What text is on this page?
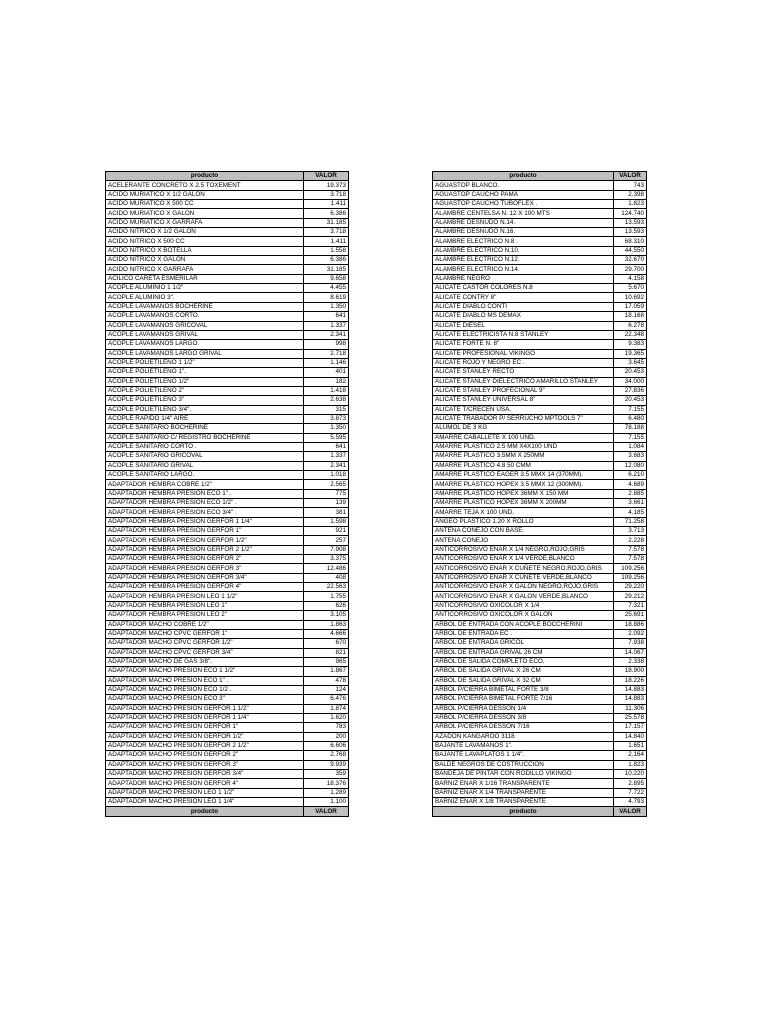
producto	VALOR
ACELERANTE CONCRETO X 2.5 TOXEMENT	19.373
ACIDO MURIATICO X 1/2 GALON	3.718
ACIDO MURIATICO X 500 CC	1.411
ACIDO MURIATICO X GALON	6.386
ACIDO MURIATICO X GARRAFA	31.185
ACIDO NITRICO X 1/2 GALON	3.718
ACIDO NITRICO X 500 CC	1.411
ACIDO NITRICO X BOTELLA	1.558
ACIDO NITRICO X GALON	6.386
ACIDO NITRICO X GARRAFA	31.185
ACILICO CARETA ESMERILAR	9.658
ACOPLE ALUMINIO 1 1/2"	4.455
ACOPLE ALUMINIO 3".	8.619
ACOPLE LAVAMANOS BOCHERINE	1.350
ACOPLE LAVAMANOS CORTO.	641
ACOPLE LAVAMANOS GRICOVAL	1.337
ACOPLE LAVAMANOS GRIVAL	2.341
ACOPLE LAVAMANOS LARGO.	998
ACOPLE LAVAMANOS LARGO GRIVAL	2.718
ACOPLE POLIETILENO 1 1/2"	1.146
ACOPLE POLIETILENO 1".	401
ACOPLE POLIETILENO 1/2"	182
ACOPLE POLIETILENO 2"	1.418
ACOPLE POLIETILENO 3"	2.638
ACOPLE POLIETILENO 3/4".	315
ACOPLE RAPIDO 1/4" AIRE	3.873
ACOPLE SANITARIO BOCHERINE	1.350
ACOPLE SANITARIO C/ REGISTRO BOCHERINE	5.595
ACOPLE SANITARIO CORTO .	641
ACOPLE SANITARIO GRICOVAL	1.337
ACOPLE SANITARIO GRIVAL	2.341
ACOPLE SANITARIO LARGO.	1.018
ADAPTADOR HEMBRA COBRE 1/2"	2.565
ADAPTADOR HEMBRA PRESION ECO 1" .	775
ADAPTADOR HEMBRA PRESION ECO 1/2" .	139
ADAPTADOR HEMBRA PRESION ECO 3/4" .	381
ADAPTADOR HEMBRA PRESION GERFOR 1 1/4"	1.598
ADAPTADOR HEMBRA PRESION GERFOR 1"	921
ADAPTADOR HEMBRA PRESION GERFOR 1/2"	257
ADAPTADOR HEMBRA PRESION GERFOR 2 1/2"	7.908
ADAPTADOR HEMBRA PRESION GERFOR 2"	3.375
ADAPTADOR HEMBRA PRESION GERFOR 3"	12.486
ADAPTADOR HEMBRA PRESION GERFOR 3/4"	408
ADAPTADOR HEMBRA PRESION GERFOR 4"	22.563
ADAPTADOR HEMBRA PRESION LEO 1 1/2"	1.755
ADAPTADOR HEMBRA PRESION LEO 1"	626
ADAPTADOR HEMBRA PRESION LEO 2"	3.105
ADAPTADOR MACHO COBRE 1/2"	1.863
ADAPTADOR MACHO CPVC GERFOR 1"	4.666
ADAPTADOR MACHO CPVC GERFOR 1/2"	670
ADAPTADOR MACHO CPVC GERFOR 3/4"	821
ADAPTADOR MACHO DE GAS 3/8".	965
ADAPTADOR MACHO PRESION ECO 1 1/2"	1.867
ADAPTADOR MACHO PRESION ECO 1" .	478
ADAPTADOR MACHO PRESION ECO 1/2 .	124
ADAPTADOR MACHO PRESION ECO 3"	6.476
ADAPTADOR MACHO PRESION GERFOR 1 1/2"	1.874
ADAPTADOR MACHO PRESION GERFOR 1 1/4"	1.620
ADAPTADOR MACHO PRESION GERFOR 1"	783
ADAPTADOR MACHO PRESION GERFOR 1/2"	200
ADAPTADOR MACHO PRESION GERFOR 2 1/2"	6.606
ADAPTADOR MACHO PRESION GERFOR 2"	2.768
ADAPTADOR MACHO PRESION GERFOR 3"	9.939
ADAPTADOR MACHO PRESION GERFOR 3/4"	359
ADAPTADOR MACHO PRESION GERFOR 4"	18.376
ADAPTADOR MACHO PRESION LEO 1 1/2"	1.289
ADAPTADOR MACHO PRESION LEO 1 1/4"	1.100
producto	VALOR
producto	VALOR
AGUASTOP BLANCO.	743
AGUASTOP CAUCHO PAMA	2.398
AGUASTOP CAUCHO TUBOFLEX .	1.823
ALAMBRE CENTELSA N. 12 X 100 MTS	124.740
ALAMBRE DESNUDO N.14.	13.593
ALAMBRE DESNUDO N.16.	13.593
ALAMBRE ELECTRICO N.8 .	68.310
ALAMBRE ELECTRICO N.10.	44.550
ALAMBRE ELECTRICO N.12.	32.670
ALAMBRE ELECTRICO N.14.	29.700
ALAMBRE NEGRO	4.158
ALICATE CASTOR COLORES N.8	5.670
ALICATE CONTRY 8"	10.692
ALICATE DIABLO CONTI	17.059
ALICATE DIABLO MS DEMAX	18.168
ALICATE DIESEL	6.278
ALICATE ELECTRICISTA N.8 STANLEY	22.348
ALICATE FORTE N. 8"	9.383
ALICATE PROFESIONAL VIKINGO	19.365
ALICATE ROJO Y NEGRO EC .	3.645
ALICATE STANLEY RECTO	20.453
ALICATE STANLEY DIELECTRICO AMARILLO STANLEY	34.000
ALICATE STANLEY PROFECIONAL 9"	27.836
ALICATE STANLEY UNIVERSAL 8"	20.453
ALICATE T/CRECEN USA.	7.155
ALICATE TRABADOR P/ SERRUCHO MPTOOLS 7"	6.480
ALUMOL DE 3 KG	78.188
AMARRE CABALLETE X 100 UND.	7.155
AMARRE PLASTICO 2.5 MM X4X100 UND	1.084
AMARRE PLASTICO 3.5MM X 250MM	3.683
AMARRE PLASTICO 4.8 50 CMM	12.080
AMARRE PLASTICO EAGER 3.5 MMX 14 (370MM).	6.210
AMARRE PLASTICO HOPEX 3.5 MMX 12 (300MM).	4.689
AMARRE PLASTICO HOPEX 36MM X 150 MM	2.885
AMARRE PLASTICO HOPEX 36MM X 200MM	3.661
AMARRE TEJA X 100 UND.	4.185
ANGEO PLASTICO 1.20 X ROLLO	71.258
ANTENA CONEJO CON BASE.	3.713
ANTENA CONEJO	2.228
ANTICORROSIVO ENAR X 1/4 NEGRO,ROJO,GRIS	7.578
ANTICORROSIVO ENAR X 1/4 VERDE,BLANCO	7.578
ANTICORROSIVO ENAR X CUÑETE NEGRO,ROJO,GRIS	109.256
ANTICORROSIVO ENAR X CUÑETE VERDE,BLANCO	109.256
ANTICORROSIVO ENAR X GALON NEGRO,ROJO,GRIS	29.220
ANTICORROSIVO ENAR X GALON VERDE,BLANCO	29.212
ANTICORROSIVO OXICOLOR X 1/4	7.321
ANTICORROSIVO OXICOLOR X GALON	25.691
ARBOL DE ENTRADA CON ACOPLE BOCCHERINI	18.886
ARBOL DE ENTRADA EC .	2.092
ARBOL DE ENTRADA GRICOL	7.938
ARBOL DE ENTRADA GRIVAL 26 CM	14.067
ARBOL DE SALIDA COMPLETO ECO.	2.338
ARBOL DE SALIDA GRIVAL X 26 CM	18.900
ARBOL DE SALIDA GRIVAL X 32 CM	18.226
ARBOL P/CIERRA BIMETAL FORTE 3/8	14.883
ARBOL P/CIERRA BIMETAL FORTE 7/16	14.883
ARBOL P/CIERRA DESSON 1/4	11.306
ARBOL P/CIERRA DESSON 3/8	25.578
ARBOL P/CIERRA DESSON 7/16	17.157
AZADON KANGAROO 3118	14.840
BAJANTE LAVAMANOS 1".	1.651
BAJANTE LAVAPLATOS 1 1/4".	2.164
BALDE NEGROS DE COSTRUCCION	1.823
BANDEJA DE PINTAR CON RODILLO VIKINGO	10.220
BARNIZ ENAR X 1/16 TRANSPARENTE	2.895
BARNIZ ENAR X 1/4 TRANSPARENTE	7.722
BARNIZ ENAR X 1/8 TRANSPARENTE	4.793
producto	VALOR
